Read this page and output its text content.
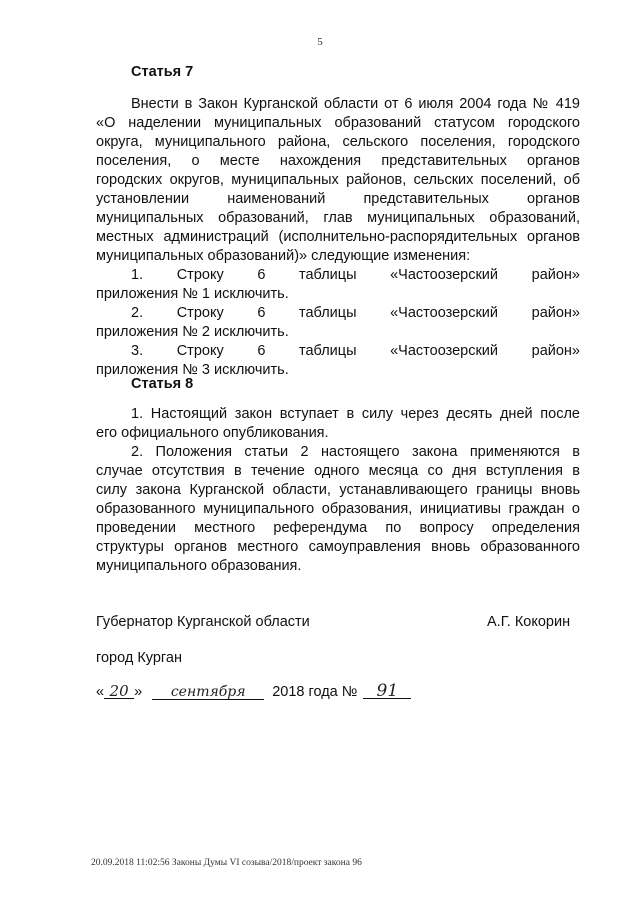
5
Статья 7
Внести в Закон Курганской области от 6 июля 2004 года № 419
«О наделении муниципальных образований статусом городского
округа, муниципального района, сельского поселения, городского
поселения, о месте нахождения представительных органов
городских округов, муниципальных районов, сельских поселений, об
установлении наименований представительных органов
муниципальных образований, глав муниципальных образований,
местных администраций (исполнительно-распорядительных органов
муниципальных образований)» следующие изменения:
1. Строку 6 таблицы «Частоозерский район»
приложения № 1 исключить.
2. Строку 6 таблицы «Частоозерский район»
приложения № 2 исключить.
3. Строку 6 таблицы «Частоозерский район»
приложения № 3 исключить.
Статья 8
1. Настоящий закон вступает в силу через десять дней после
его официального опубликования.
2. Положения статьи 2 настоящего закона применяются в
случае отсутствия в течение одного месяца со дня вступления в
силу закона Курганской области, устанавливающего границы вновь
образованного муниципального образования, инициативы граждан о
проведении местного референдума по вопросу определения
структуры органов местного самоуправления вновь образованного
муниципального образования.
Губернатор Курганской области	А.Г. Кокорин
город Курган
« 20 » сентября 2018 года № 91
20.09.2018 11:02:56 Законы Думы VI созыва/2018/проект закона 96
